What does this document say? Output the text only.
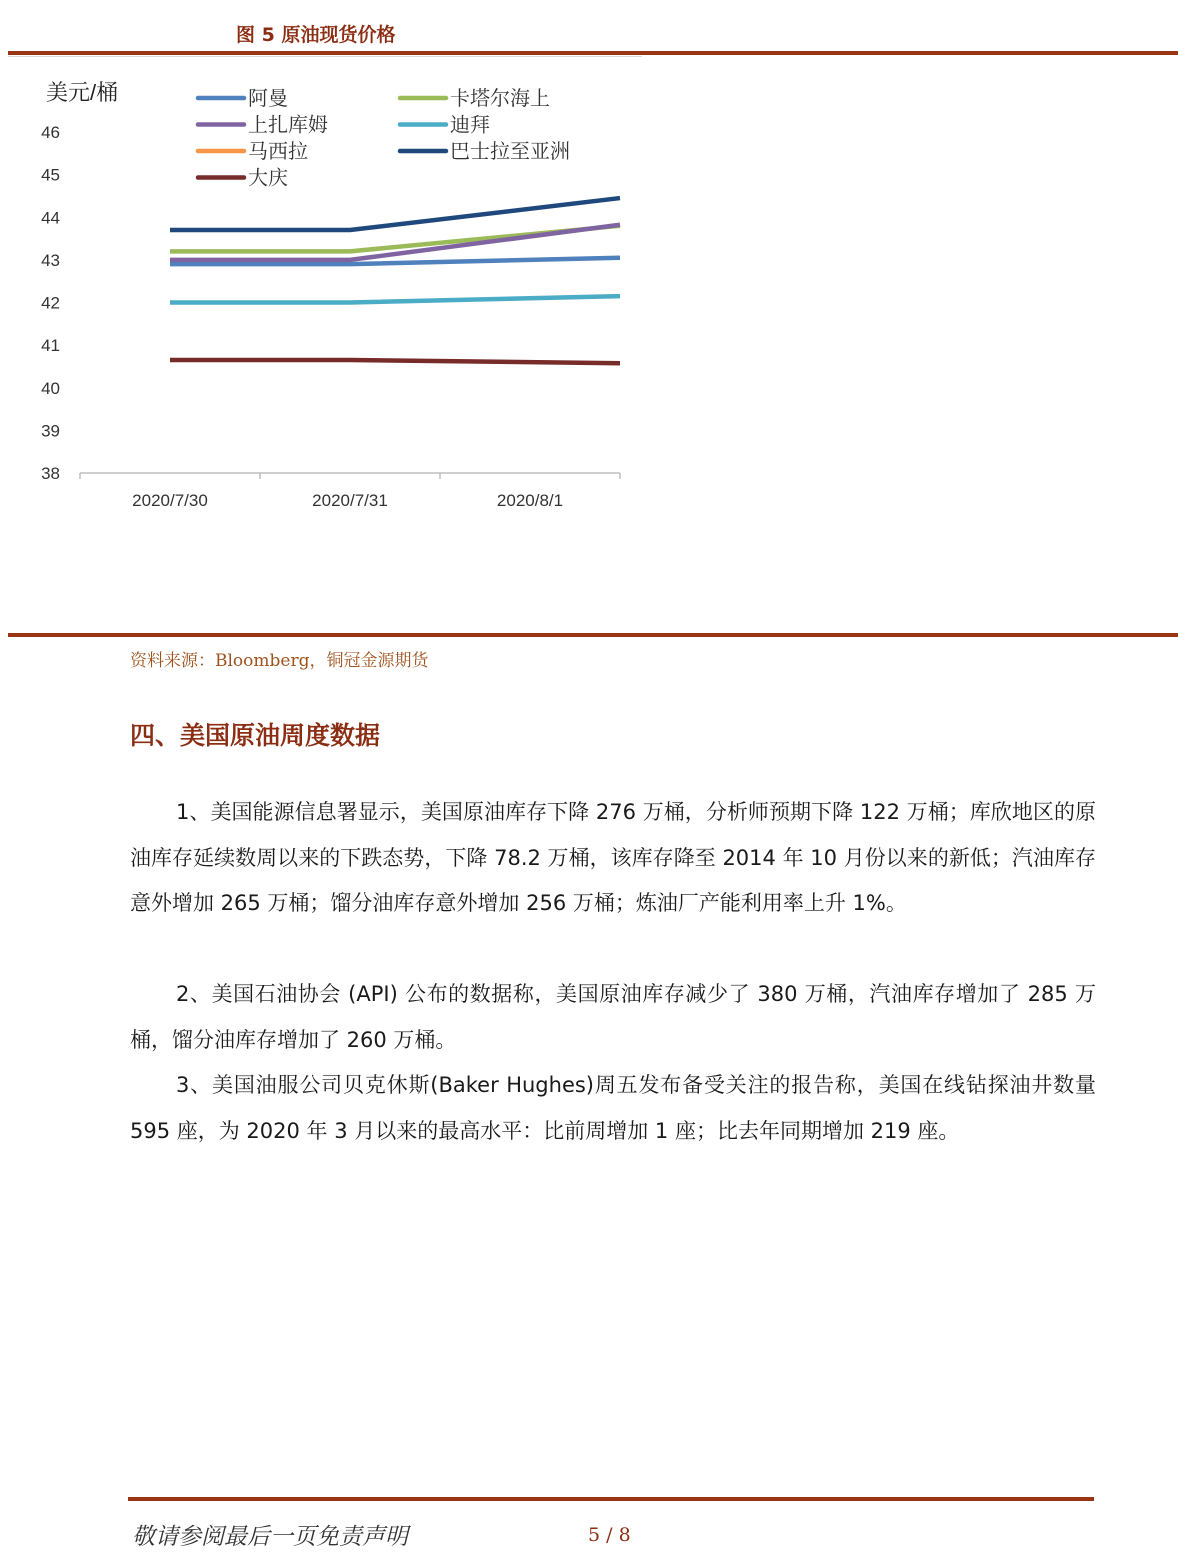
图 5 原油现货价格
美元/桶	阿曼	卡塔尔海上
上扎库姆	迪拜
马西拉	巴士拉至亚洲
大庆
38
39
40
41
42
43
44
45
46
2020/7/30	2020/7/31	2020/8/1
资料来源：Bloomberg，铜冠金源期货
四、美国原油周度数据

1、美国能源信息署显示，美国原油库存下降 276 万桶，分析师预期下降 122 万桶；库欣地区的原油库存延续数周以来的下跌态势，下降 78.2 万桶，该库存降至 2014 年 10 月份以来的新低；汽油库存意外增加 265 万桶；馏分油库存意外增加 256 万桶；炼油厂产能利用率上升 1%。

2、美国石油协会 (API) 公布的数据称，美国原油库存减少了 380 万桶，汽油库存增加了 285 万桶，馏分油库存增加了 260 万桶。

3、美国油服公司贝克休斯(Baker Hughes)周五发布备受关注的报告称，美国在线钻探油井数量 595 座，为 2020 年 3 月以来的最高水平：比前周增加 1 座；比去年同期增加 219 座。

敬请参阅最后一页免责声明	5 / 8
